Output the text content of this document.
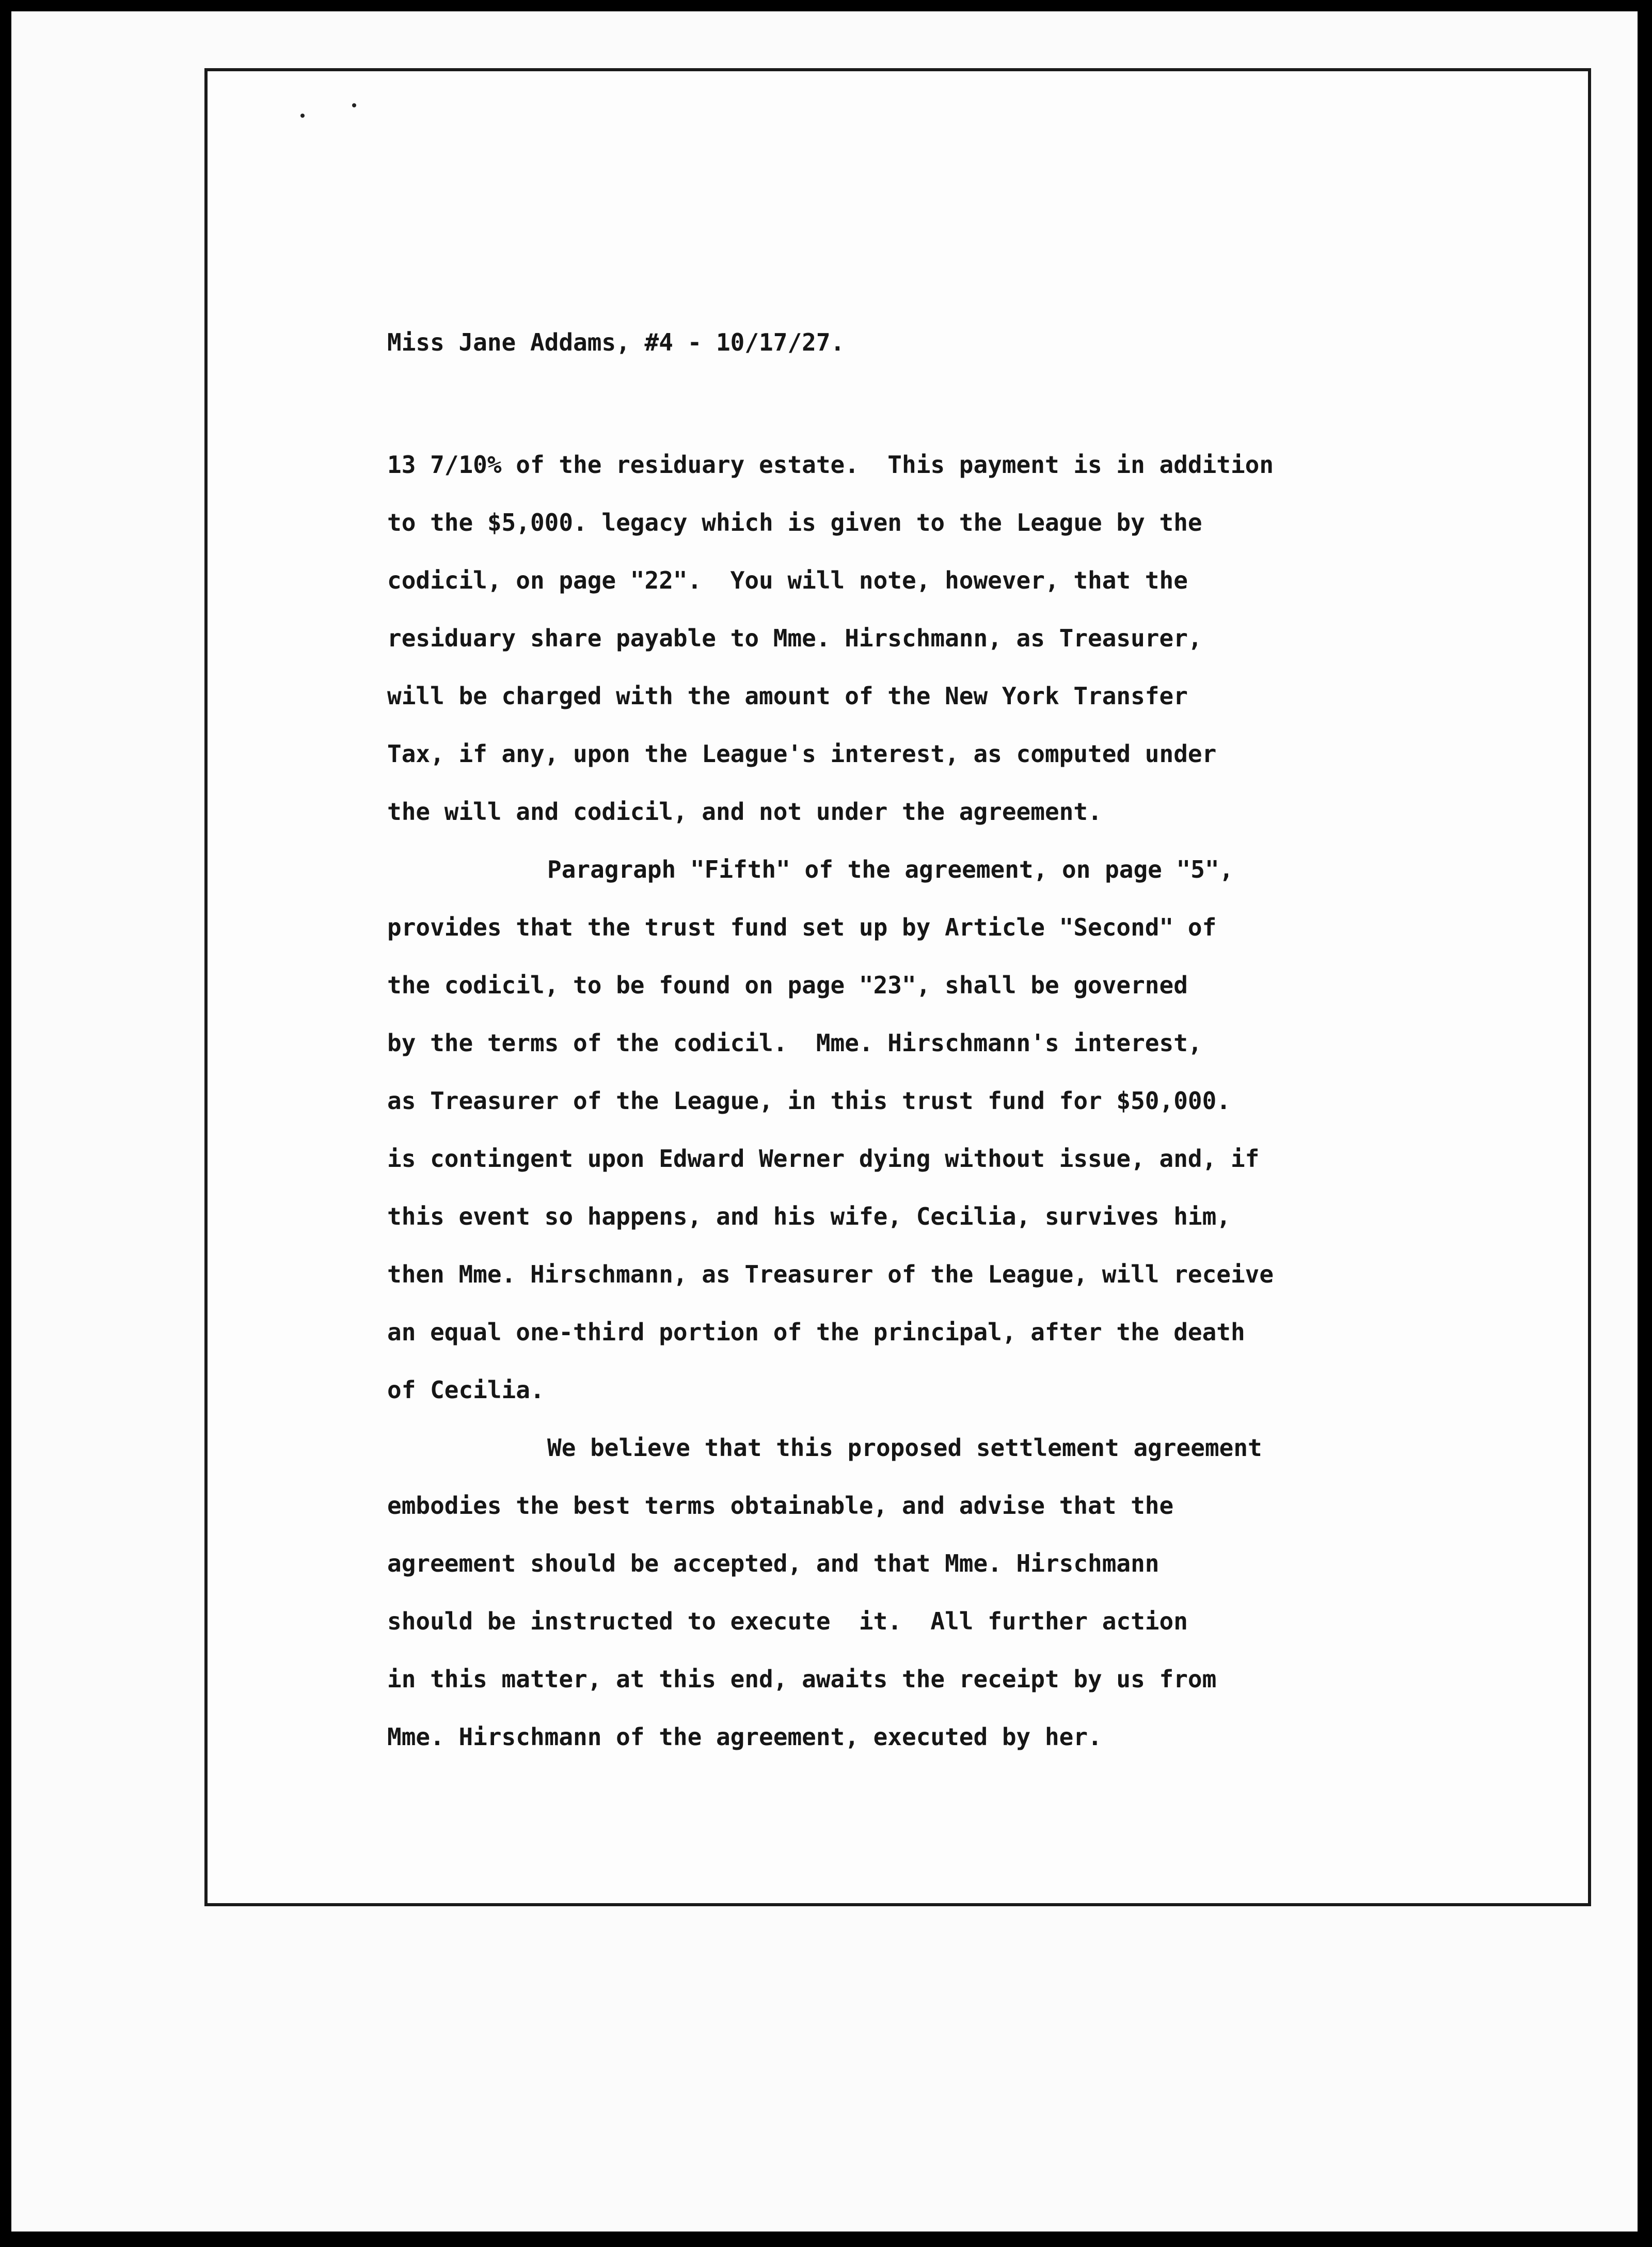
Miss Jane Addams, #4 - 10/17/27.
13 7/10% of the residuary estate.  This payment is in addition
to the $5,000. legacy which is given to the League by the
codicil, on page "22".  You will note, however, that the
residuary share payable to Mme. Hirschmann, as Treasurer,
will be charged with the amount of the New York Transfer
Tax, if any, upon the League's interest, as computed under
the will and codicil, and not under the agreement.
Paragraph "Fifth" of the agreement, on page "5",
provides that the trust fund set up by Article "Second" of
the codicil, to be found on page "23", shall be governed
by the terms of the codicil.  Mme. Hirschmann's interest,
as Treasurer of the League, in this trust fund for $50,000.
is contingent upon Edward Werner dying without issue, and, if
this event so happens, and his wife, Cecilia, survives him,
then Mme. Hirschmann, as Treasurer of the League, will receive
an equal one-third portion of the principal, after the death
of Cecilia.
We believe that this proposed settlement agreement
embodies the best terms obtainable, and advise that the
agreement should be accepted, and that Mme. Hirschmann
should be instructed to execute  it.  All further action
in this matter, at this end, awaits the receipt by us from
Mme. Hirschmann of the agreement, executed by her.
